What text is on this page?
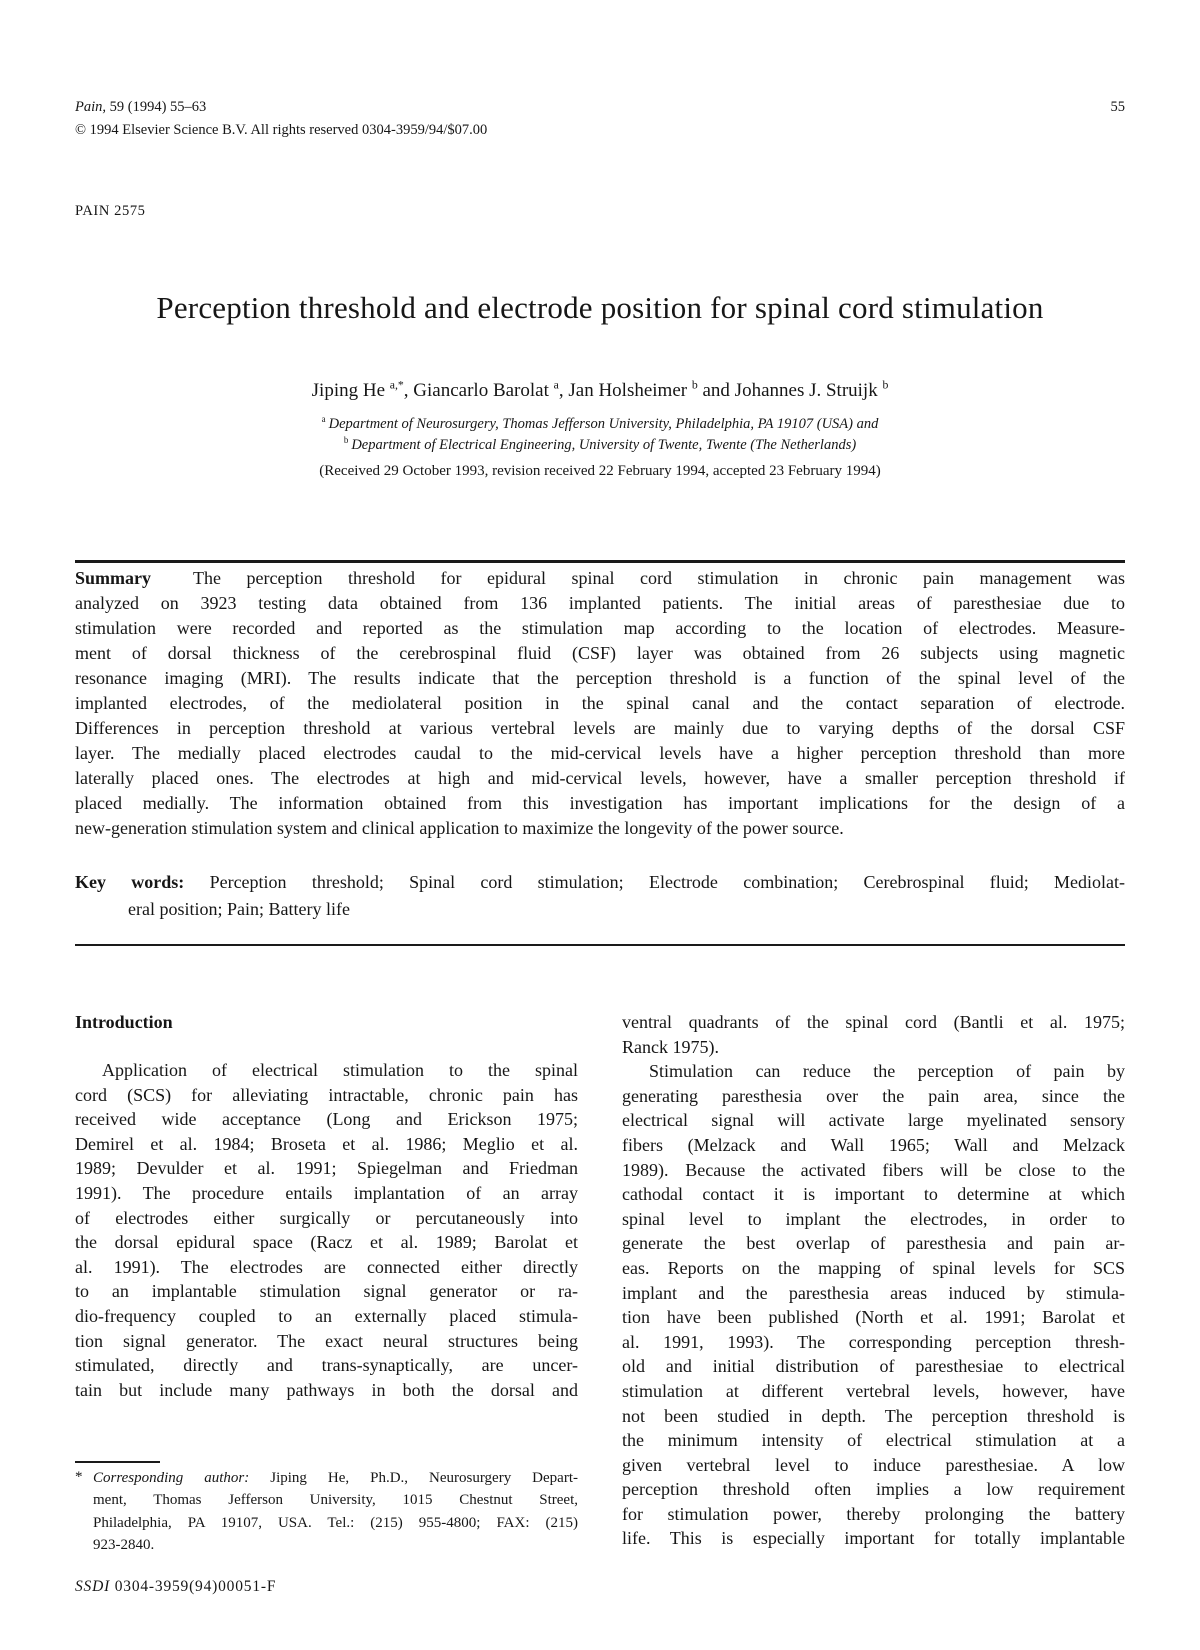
Pain, 59 (1994) 55–63
© 1994 Elsevier Science B.V. All rights reserved 0304-3959/94/$07.00
55
PAIN 2575
Perception threshold and electrode position for spinal cord stimulation
Jiping He $^{a,*}$, Giancarlo Barolat $^a$, Jan Holsheimer $^b$ and Johannes J. Struijk $^b$
$^a$ Department of Neurosurgery, Thomas Jefferson University, Philadelphia, PA 19107 (USA) and
$^b$ Department of Electrical Engineering, University of Twente, Twente (The Netherlands)
(Received 29 October 1993, revision received 22 February 1994, accepted 23 February 1994)
Summary The perception threshold for epidural spinal cord stimulation in chronic pain management was
analyzed on 3923 testing data obtained from 136 implanted patients. The initial areas of paresthesiae due to
stimulation were recorded and reported as the stimulation map according to the location of electrodes. Measure-
ment of dorsal thickness of the cerebrospinal fluid (CSF) layer was obtained from 26 subjects using magnetic
resonance imaging (MRI). The results indicate that the perception threshold is a function of the spinal level of the
implanted electrodes, of the mediolateral position in the spinal canal and the contact separation of electrode.
Differences in perception threshold at various vertebral levels are mainly due to varying depths of the dorsal CSF
layer. The medially placed electrodes caudal to the mid-cervical levels have a higher perception threshold than more
laterally placed ones. The electrodes at high and mid-cervical levels, however, have a smaller perception threshold if
placed medially. The information obtained from this investigation has important implications for the design of a
new-generation stimulation system and clinical application to maximize the longevity of the power source.
Key words: Perception threshold; Spinal cord stimulation; Electrode combination; Cerebrospinal fluid; Mediolat-
eral position; Pain; Battery life
Introduction
  Application of electrical stimulation to the spinal
cord (SCS) for alleviating intractable, chronic pain has
received wide acceptance (Long and Erickson 1975;
Demirel et al. 1984; Broseta et al. 1986; Meglio et al.
1989; Devulder et al. 1991; Spiegelman and Friedman
1991). The procedure entails implantation of an array
of electrodes either surgically or percutaneously into
the dorsal epidural space (Racz et al. 1989; Barolat et
al. 1991). The electrodes are connected either directly
to an implantable stimulation signal generator or ra-
dio-frequency coupled to an externally placed stimula-
tion signal generator. The exact neural structures being
stimulated, directly and trans-synaptically, are uncer-
tain but include many pathways in both the dorsal and
ventral quadrants of the spinal cord (Bantli et al. 1975;
Ranck 1975).
  Stimulation can reduce the perception of pain by
generating paresthesia over the pain area, since the
electrical signal will activate large myelinated sensory
fibers (Melzack and Wall 1965; Wall and Melzack
1989). Because the activated fibers will be close to the
cathodal contact it is important to determine at which
spinal level to implant the electrodes, in order to
generate the best overlap of paresthesia and pain ar-
eas. Reports on the mapping of spinal levels for SCS
implant and the paresthesia areas induced by stimula-
tion have been published (North et al. 1991; Barolat et
al. 1991, 1993). The corresponding perception thresh-
old and initial distribution of paresthesiae to electrical
stimulation at different vertebral levels, however, have
not been studied in depth. The perception threshold is
the minimum intensity of electrical stimulation at a
given vertebral level to induce paresthesiae. A low
perception threshold often implies a low requirement
for stimulation power, thereby prolonging the battery
life. This is especially important for totally implantable
* Corresponding author: Jiping He, Ph.D., Neurosurgery Depart-
ment, Thomas Jefferson University, 1015 Chestnut Street,
Philadelphia, PA 19107, USA. Tel.: (215) 955-4800; FAX: (215)
923-2840.
SSDI 0304-3959(94)00051-F
